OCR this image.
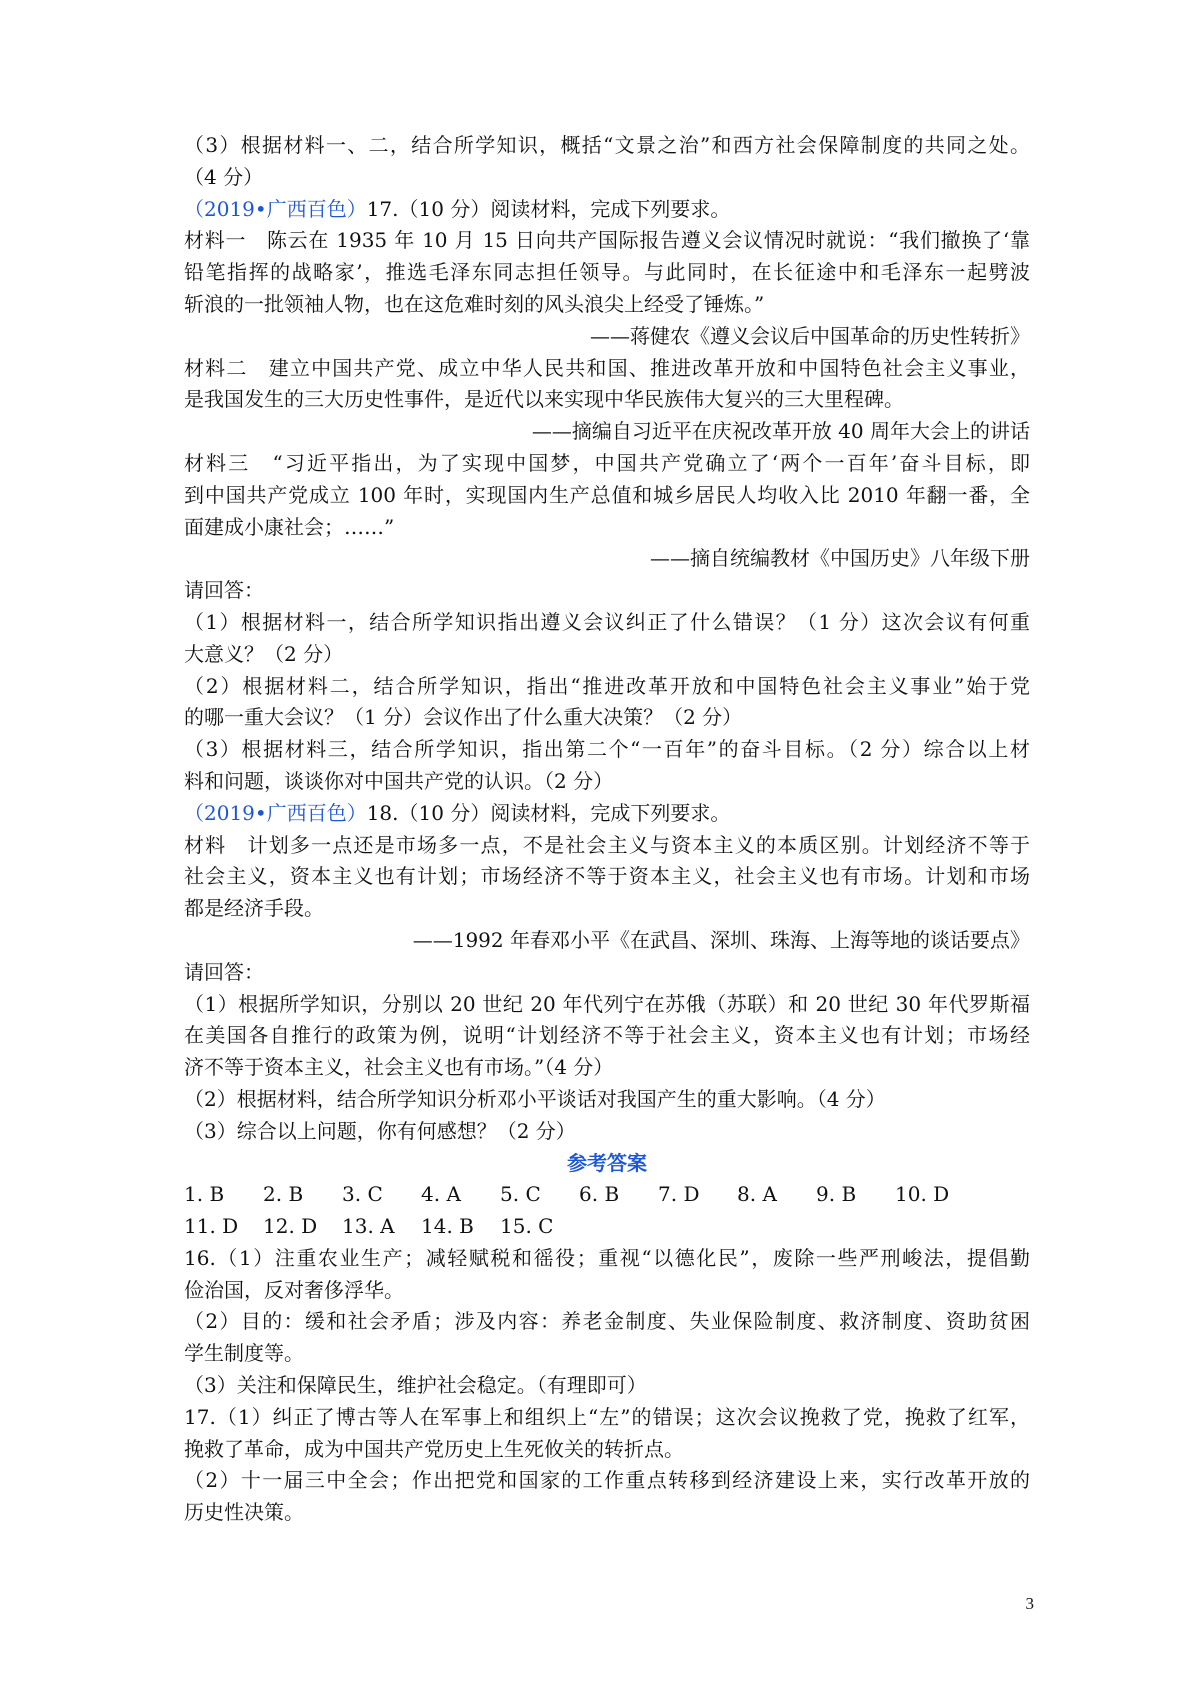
（3）根据材料一、二，结合所学知识，概括“文景之治”和西方社会保障制度的共同之处。
（4 分）
（2019•广西百色）17.（10 分）阅读材料，完成下列要求。
材料一　陈云在 1935 年 10 月 15 日向共产国际报告遵义会议情况时就说：“我们撤换了‘靠
铅笔指挥的战略家’，推选毛泽东同志担任领导。与此同时，在长征途中和毛泽东一起劈波
斩浪的一批领袖人物，也在这危难时刻的风头浪尖上经受了锤炼。”
——蒋健农《遵义会议后中国革命的历史性转折》
材料二　建立中国共产党、成立中华人民共和国、推进改革开放和中国特色社会主义事业，
是我国发生的三大历史性事件，是近代以来实现中华民族伟大复兴的三大里程碑。
——摘编自习近平在庆祝改革开放 40 周年大会上的讲话
材料三　“习近平指出，为了实现中国梦，中国共产党确立了‘两个一百年’奋斗目标，即
到中国共产党成立 100 年时，实现国内生产总值和城乡居民人均收入比 2010 年翻一番，全
面建成小康社会；……”
——摘自统编教材《中国历史》八年级下册
请回答：
（1）根据材料一，结合所学知识指出遵义会议纠正了什么错误？（1 分）这次会议有何重
大意义？（2 分）
（2）根据材料二，结合所学知识，指出“推进改革开放和中国特色社会主义事业”始于党
的哪一重大会议？（1 分）会议作出了什么重大决策？（2 分）
（3）根据材料三，结合所学知识，指出第二个“一百年”的奋斗目标。（2 分）综合以上材
料和问题，谈谈你对中国共产党的认识。（2 分）
（2019•广西百色）18.（10 分）阅读材料，完成下列要求。
材料　计划多一点还是市场多一点，不是社会主义与资本主义的本质区别。计划经济不等于
社会主义，资本主义也有计划；市场经济不等于资本主义，社会主义也有市场。计划和市场
都是经济手段。
——1992 年春邓小平《在武昌、深圳、珠海、上海等地的谈话要点》
请回答：
（1）根据所学知识，分别以 20 世纪 20 年代列宁在苏俄（苏联）和 20 世纪 30 年代罗斯福
在美国各自推行的政策为例，说明“计划经济不等于社会主义，资本主义也有计划；市场经
济不等于资本主义，社会主义也有市场。”（4 分）
（2）根据材料，结合所学知识分析邓小平谈话对我国产生的重大影响。（4 分）
（3）综合以上问题，你有何感想？（2 分）
参考答案
1. B 2. B 3. C 4. A 5. C 6. B 7. D 8. A 9. B 10. D
11. D 12. D 13. A 14. B 15. C
16.（1）注重农业生产；减轻赋税和徭役；重视“以德化民”，废除一些严刑峻法，提倡勤
俭治国，反对奢侈浮华。
（2）目的：缓和社会矛盾；涉及内容：养老金制度、失业保险制度、救济制度、资助贫困
学生制度等。
（3）关注和保障民生，维护社会稳定。（有理即可）
17.（1）纠正了博古等人在军事上和组织上“左”的错误；这次会议挽救了党，挽救了红军，
挽救了革命，成为中国共产党历史上生死攸关的转折点。
（2）十一届三中全会；作出把党和国家的工作重点转移到经济建设上来，实行改革开放的
历史性决策。
3
